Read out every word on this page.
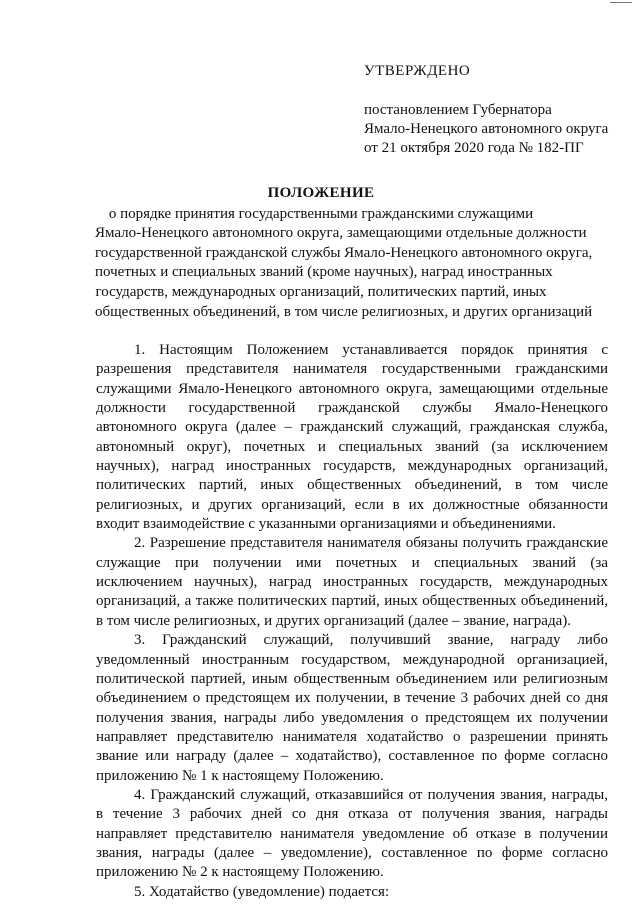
УТВЕРЖДЕНО
постановлением Губернатора
Ямало-Ненецкого автономного округа
от 21 октября 2020 года № 182-ПГ
ПОЛОЖЕНИЕ
о порядке принятия государственными гражданскими служащими
Ямало-Ненецкого автономного округа, замещающими отдельные должности
государственной гражданской службы Ямало-Ненецкого автономного округа,
почетных и специальных званий (кроме научных), наград иностранных
государств, международных организаций, политических партий, иных
общественных объединений, в том числе религиозных, и других организаций

1. Настоящим Положением устанавливается порядок принятия с разрешения представителя нанимателя государственными гражданскими служащими Ямало-Ненецкого автономного округа, замещающими отдельные должности государственной гражданской службы Ямало-Ненецкого автономного округа (далее – гражданский служащий, гражданская служба, автономный округ), почетных и специальных званий (за исключением научных), наград иностранных государств, международных организаций, политических партий, иных общественных объединений, в том числе религиозных, и других организаций, если в их должностные обязанности входит взаимодействие с указанными организациями и объединениями.

2. Разрешение представителя нанимателя обязаны получить гражданские служащие при получении ими почетных и специальных званий (за исключением научных), наград иностранных государств, международных организаций, а также политических партий, иных общественных объединений, в том числе религиозных, и других организаций (далее – звание, награда).

3. Гражданский служащий, получивший звание, награду либо уведомленный иностранным государством, международной организацией, политической партией, иным общественным объединением или религиозным объединением о предстоящем их получении, в течение 3 рабочих дней со дня получения звания, награды либо уведомления о предстоящем их получении направляет представителю нанимателя ходатайство о разрешении принять звание или награду (далее – ходатайство), составленное по форме согласно приложению № 1 к настоящему Положению.

4. Гражданский служащий, отказавшийся от получения звания, награды, в течение 3 рабочих дней со дня отказа от получения звания, награды направляет представителю нанимателя уведомление об отказе в получении звания, награды (далее – уведомление), составленное по форме согласно приложению № 2 к настоящему Положению.

5. Ходатайство (уведомление) подается:
